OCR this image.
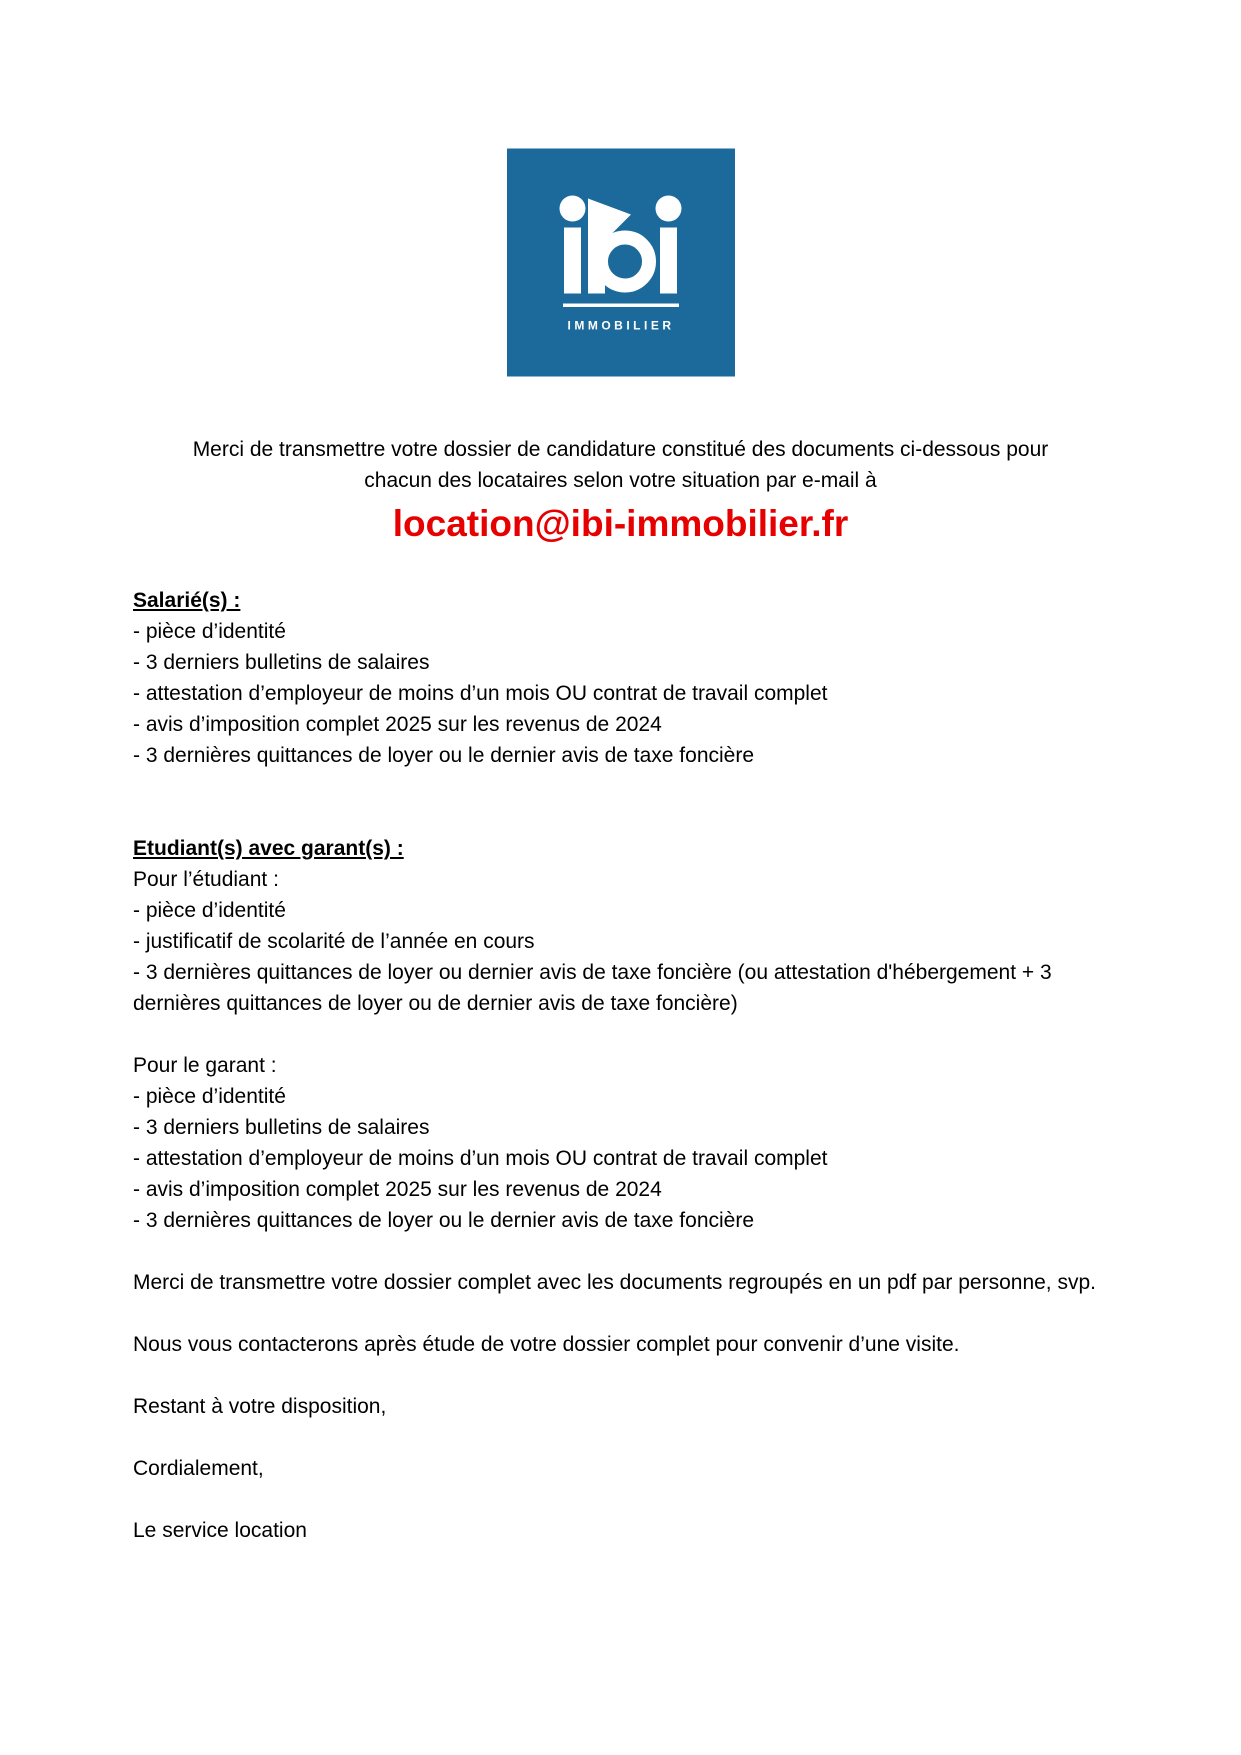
IMMOBILIER
Merci de transmettre votre dossier de candidature constitué des documents ci-dessous pour
chacun des locataires selon votre situation par e-mail à
location@ibi-immobilier.fr
Salarié(s) :
- pièce d’identité
- 3 derniers bulletins de salaires
- attestation d’employeur de moins d’un mois OU contrat de travail complet
- avis d’imposition complet 2025 sur les revenus de 2024
- 3 dernières quittances de loyer ou le dernier avis de taxe foncière
Etudiant(s) avec garant(s) :
Pour l’étudiant :
- pièce d’identité
- justificatif de scolarité de l’année en cours
- 3 dernières quittances de loyer ou dernier avis de taxe foncière (ou attestation d'hébergement + 3 dernières quittances de loyer ou de dernier avis de taxe foncière)
Pour le garant :
- pièce d’identité
- 3 derniers bulletins de salaires
- attestation d’employeur de moins d’un mois OU contrat de travail complet
- avis d’imposition complet 2025 sur les revenus de 2024
- 3 dernières quittances de loyer ou le dernier avis de taxe foncière
Merci de transmettre votre dossier complet avec les documents regroupés en un pdf par personne, svp.
Nous vous contacterons après étude de votre dossier complet pour convenir d’une visite.
Restant à votre disposition,
Cordialement,
Le service location
